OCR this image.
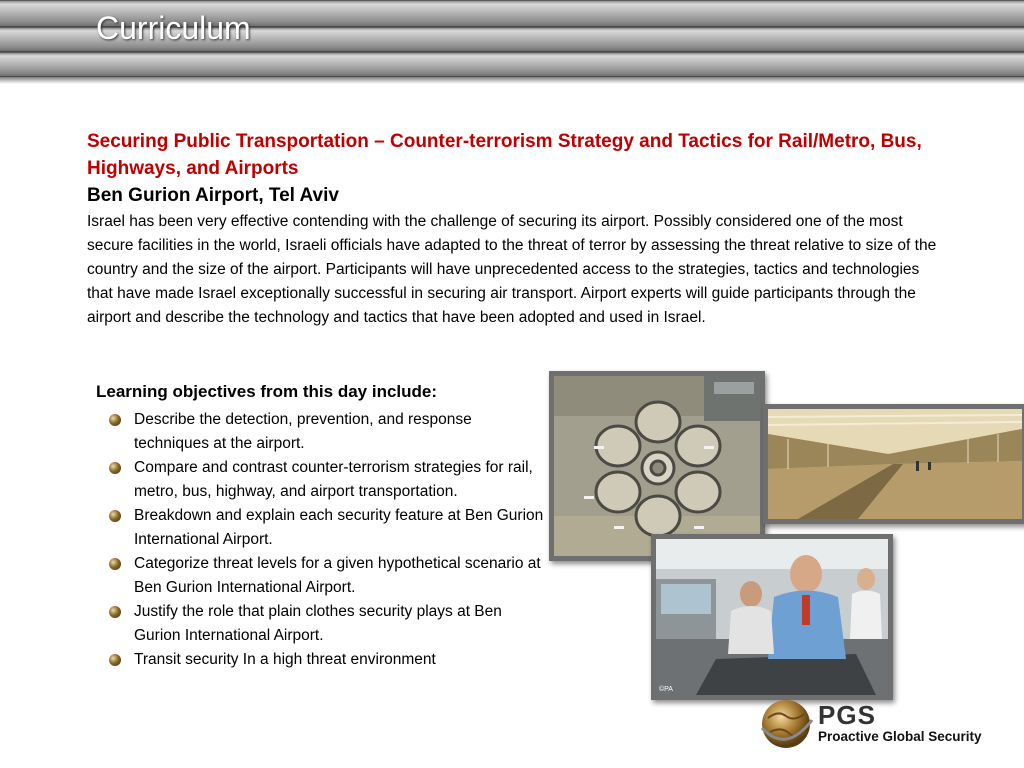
Curriculum

Securing Public Transportation – Counter-terrorism Strategy and Tactics for Rail/Metro, Bus, Highways, and Airports

Ben Gurion Airport, Tel Aviv

Israel has been very effective contending with the challenge of securing its airport. Possibly considered one of the most secure facilities in the world, Israeli officials have adapted to the threat of terror by assessing the threat relative to size of the country and the size of the airport. Participants will have unprecedented access to the strategies, tactics and technologies that have made Israel exceptionally successful in securing air transport. Airport experts will guide participants through the airport and describe the technology and tactics that have been adopted and used in Israel.

Learning objectives from this day include:

Describe the detection, prevention, and response techniques at the airport.
Compare and contrast counter-terrorism strategies for rail, metro, bus, highway, and airport transportation.
Breakdown and explain each security feature at Ben Gurion International Airport.
Categorize threat levels for a given hypothetical scenario at Ben Gurion International Airport.
Justify the role that plain clothes security plays at Ben Gurion International Airport.
Transit security In a high threat environment
©PA
PGS
Proactive Global Security
